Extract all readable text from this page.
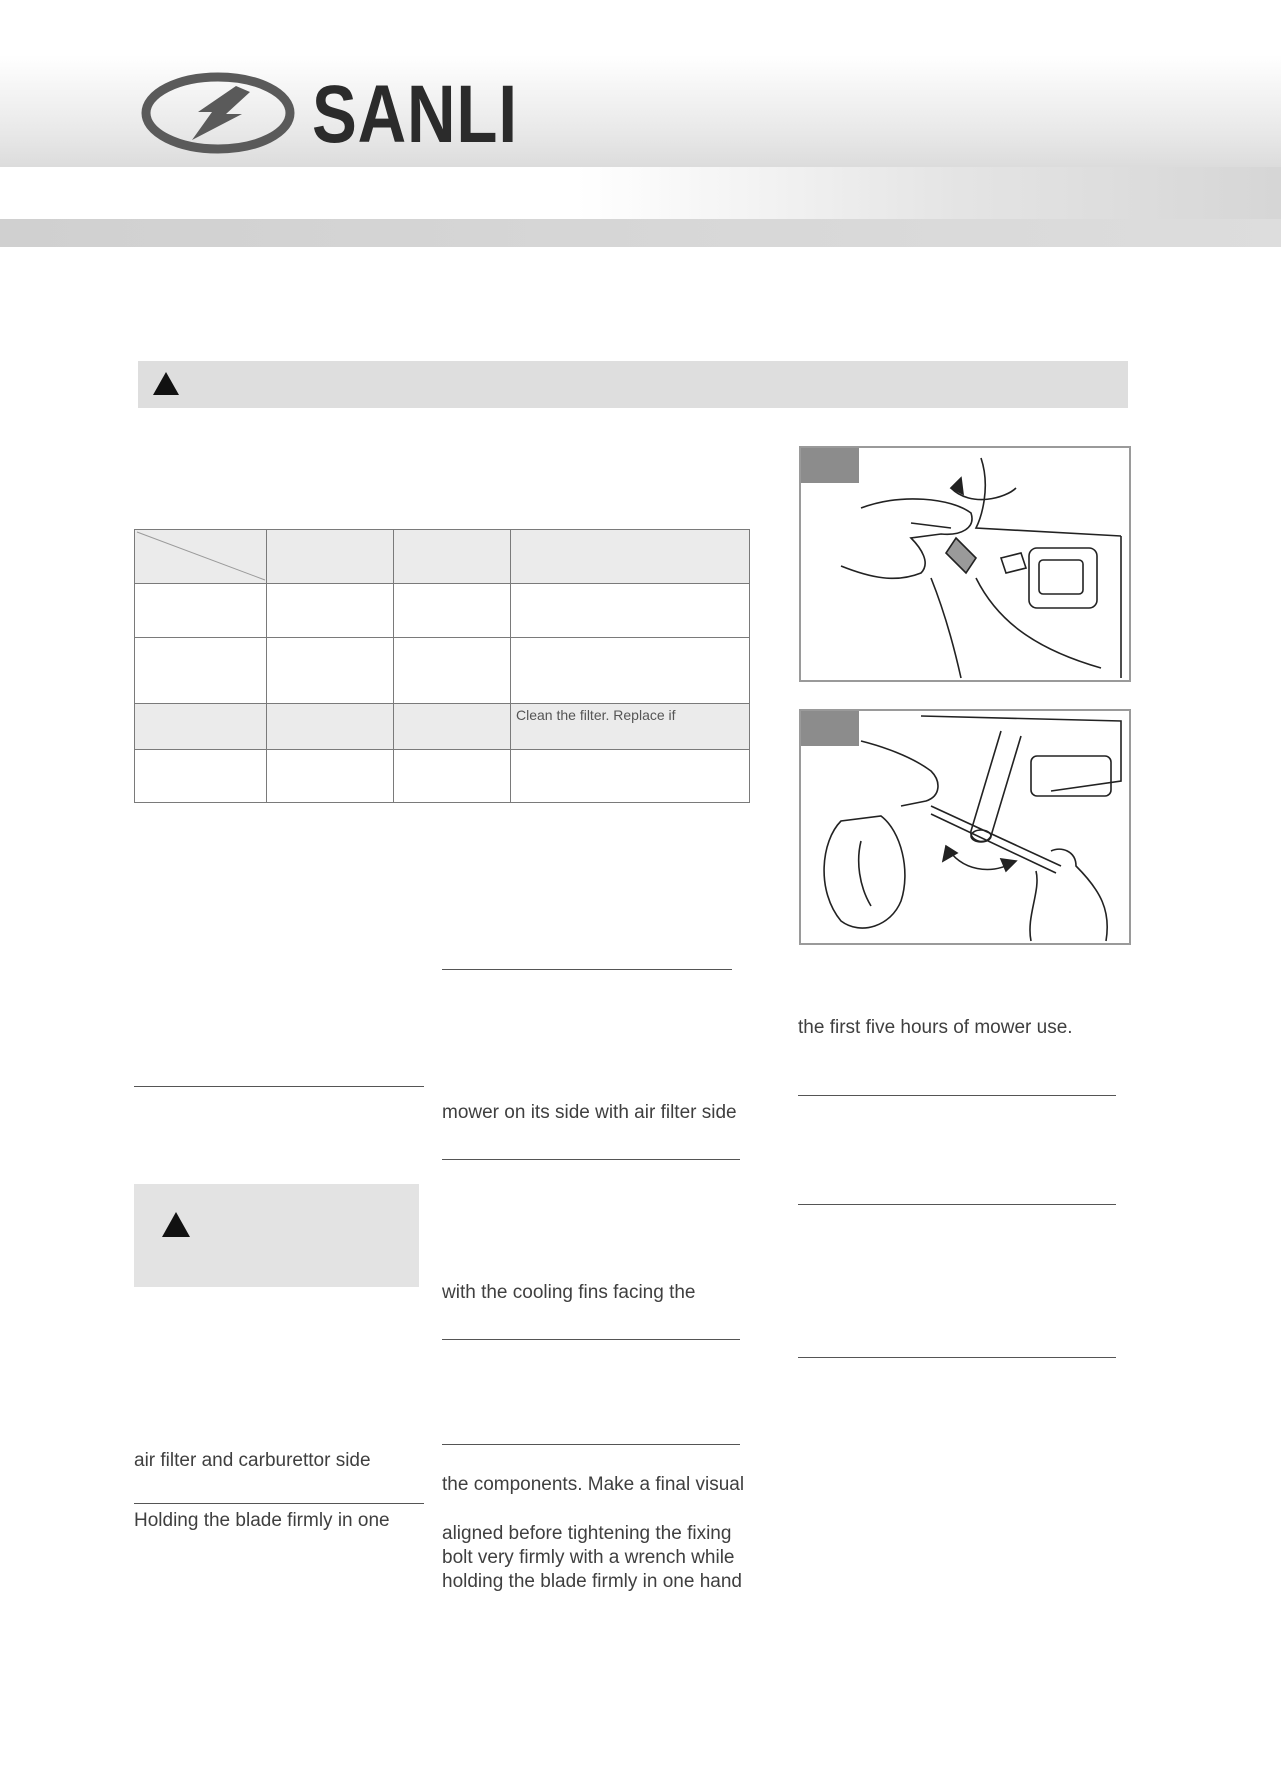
SANLI

			Clean the filter. Replace if

air filter and carburettor side
Holding the blade firmly in one
mower on its side with air filter side
with the cooling fins facing the
the components. Make a final visual
aligned before tightening the fixing
bolt very firmly with a wrench while
holding the blade firmly in one hand
the first five hours of mower use.
